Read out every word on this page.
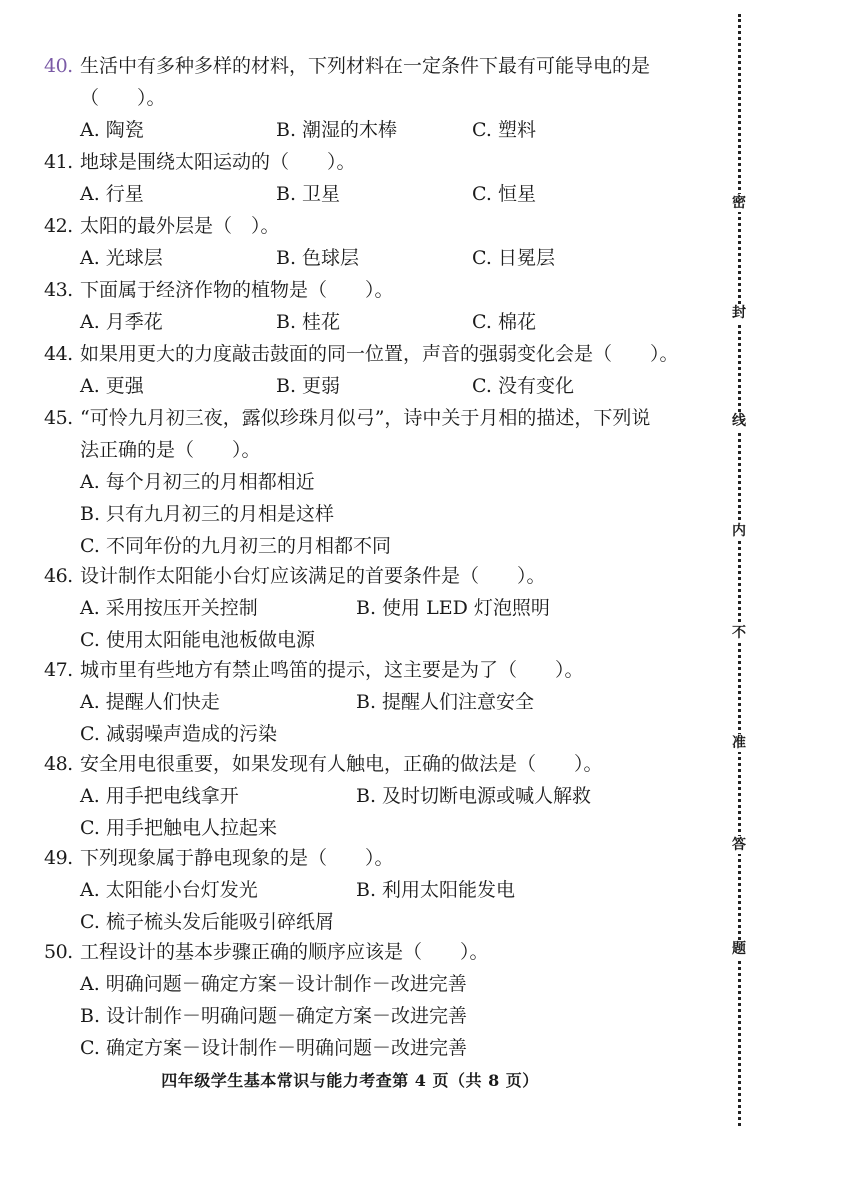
40. 生活中有多种多样的材料，下列材料在一定条件下最有可能导电的是
（　　）。
A. 陶瓷	B. 潮湿的木棒	C. 塑料
41. 地球是围绕太阳运动的（　　）。
A. 行星	B. 卫星	C. 恒星
42. 太阳的最外层是（　）。
A. 光球层	B. 色球层	C. 日冕层
43. 下面属于经济作物的植物是（　　）。
A. 月季花	B. 桂花	C. 棉花
44. 如果用更大的力度敲击鼓面的同一位置，声音的强弱变化会是（　　）。
A. 更强	B. 更弱	C. 没有变化
45. “可怜九月初三夜，露似珍珠月似弓”，诗中关于月相的描述，下列说
法正确的是（　　）。
A. 每个月初三的月相都相近
B. 只有九月初三的月相是这样
C. 不同年份的九月初三的月相都不同
46. 设计制作太阳能小台灯应该满足的首要条件是（　　）。
A. 采用按压开关控制	B. 使用 LED 灯泡照明
C. 使用太阳能电池板做电源
47. 城市里有些地方有禁止鸣笛的提示，这主要是为了（　　）。
A. 提醒人们快走	B. 提醒人们注意安全
C. 减弱噪声造成的污染
48. 安全用电很重要，如果发现有人触电，正确的做法是（　　）。
A. 用手把电线拿开	B. 及时切断电源或喊人解救
C. 用手把触电人拉起来
49. 下列现象属于静电现象的是（　　）。
A. 太阳能小台灯发光	B. 利用太阳能发电
C. 梳子梳头发后能吸引碎纸屑
50. 工程设计的基本步骤正确的顺序应该是（　　）。
A. 明确问题－确定方案－设计制作－改进完善
B. 设计制作－明确问题－确定方案－改进完善
C. 确定方案－设计制作－明确问题－改进完善
四年级学生基本常识与能力考查第 4 页（共 8 页）
密
封
线
内
不
准
答
题
